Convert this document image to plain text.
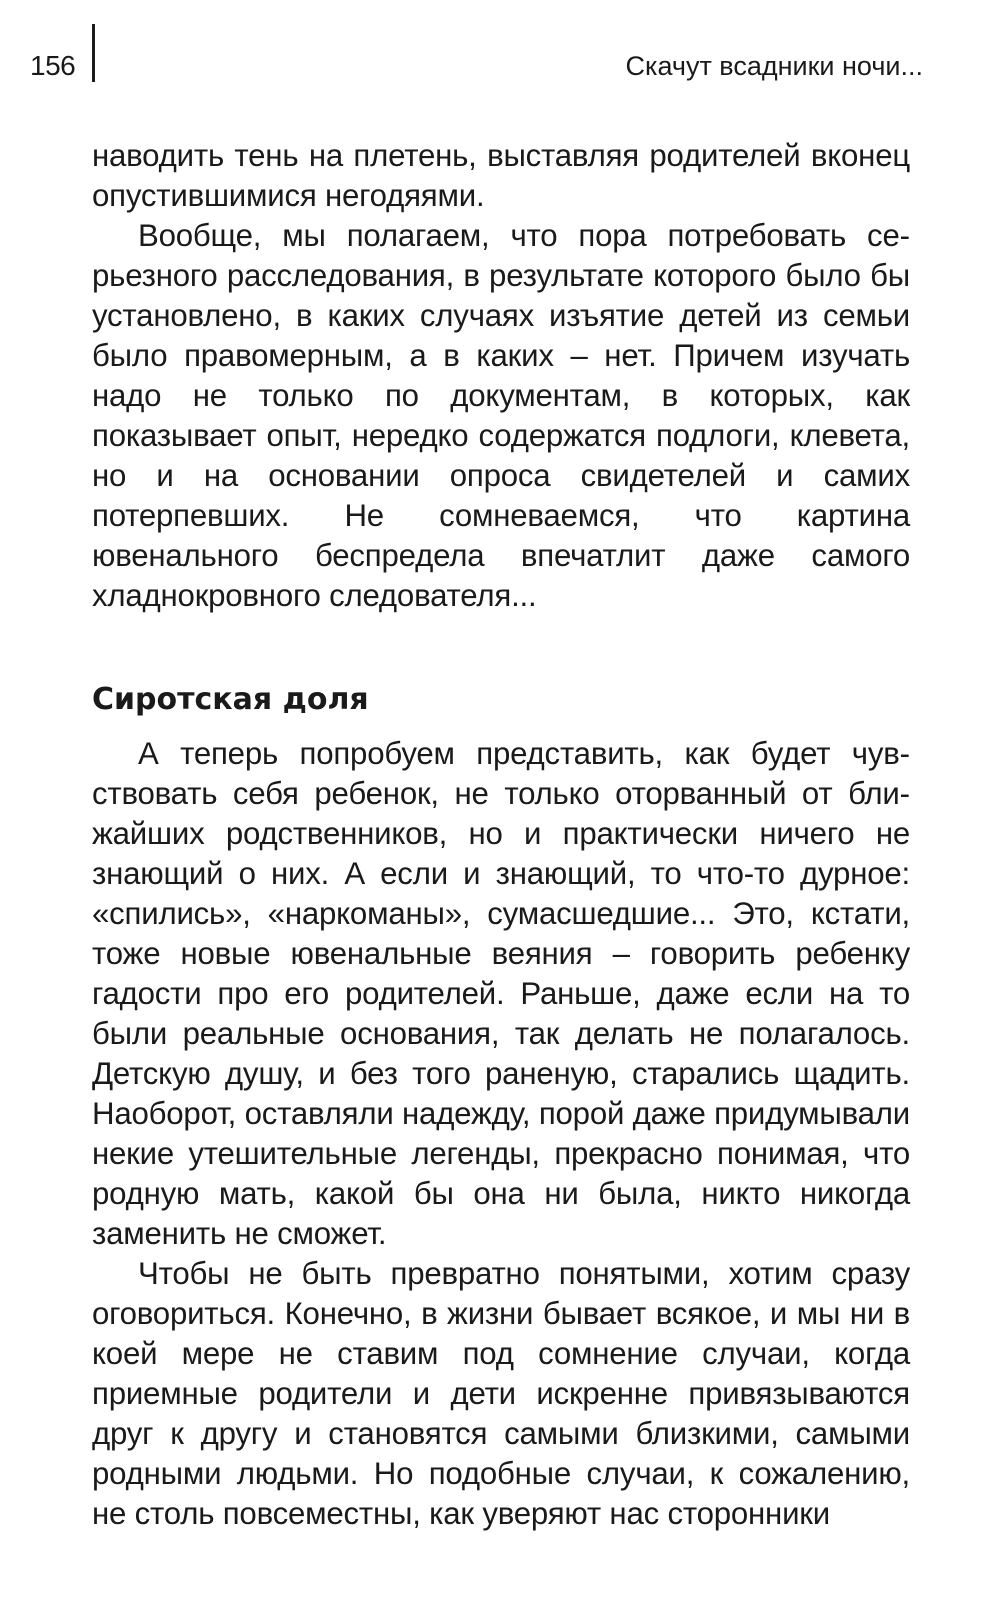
156	Скачут всадники ночи...

наводить тень на плетень, выставляя родителей вконец опустившимися негодяями.

Вообще, мы полагаем, что пора потребовать серьезного расследования, в результате которого было бы установлено, в каких случаях изъятие детей из семьи было правомерным, а в каких – нет. Причем изучать надо не только по документам, в которых, как показывает опыт, нередко содержатся подлоги, клевета, но и на основании опроса свидетелей и самих потерпевших. Не сомневаемся, что картина ювенального беспредела впечатлит даже самого хладнокровного следователя...

Сиротская доля

А теперь попробуем представить, как будет чувствовать себя ребенок, не только оторванный от ближайших родственников, но и практически ничего не знающий о них. А если и знающий, то что-то дурное: «спились», «наркоманы», сумасшедшие... Это, кстати, тоже новые ювенальные веяния – говорить ребенку гадости про его родителей. Раньше, даже если на то были реальные основания, так делать не полагалось. Детскую душу, и без того раненую, старались щадить. Наоборот, оставляли надежду, порой даже придумывали некие утешительные легенды, прекрасно понимая, что родную мать, какой бы она ни была, никто никогда заменить не сможет.

Чтобы не быть превратно понятыми, хотим сразу оговориться. Конечно, в жизни бывает всякое, и мы ни в коей мере не ставим под сомнение случаи, когда приемные родители и дети искренне привязываются друг к другу и становятся самыми близкими, самыми родными людьми. Но подобные случаи, к сожалению, не столь повсеместны, как уверяют нас сторонники
